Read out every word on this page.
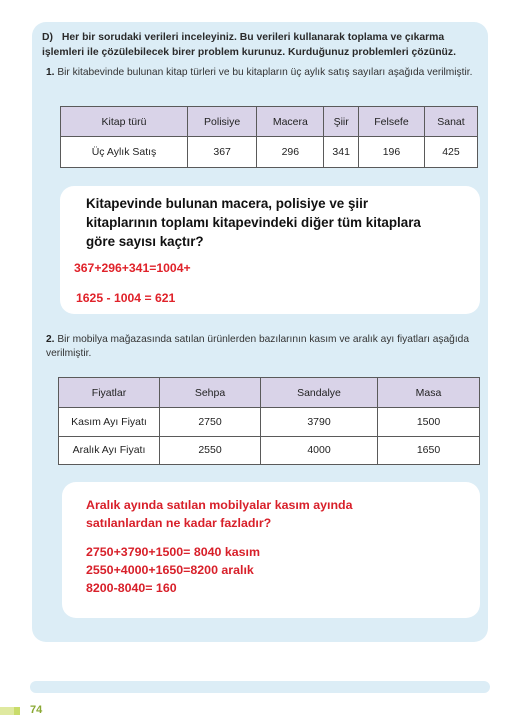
D) Her bir sorudaki verileri inceleyiniz. Bu verileri kullanarak toplama ve çıkarma işlemleri ile çözülebilecek birer problem kurunuz. Kurduğunuz problemleri çözünüz.
1. Bir kitabevinde bulunan kitap türleri ve bu kitapların üç aylık satış sayıları aşağıda verilmiştir.
Kitap türü	Polisiye	Macera	Şiir	Felsefe	Sanat
Üç Aylık Satış	367	296	341	196	425
Kitapevinde bulunan macera, polisiye ve şiir
kitaplarının toplamı kitapevindeki diğer tüm kitaplara
göre sayısı kaçtır?
367+296+341=1004+
1625 - 1004 = 621
2. Bir mobilya mağazasında satılan ürünlerden bazılarının kasım ve aralık ayı fiyatları aşağıda verilmiştir.
Fiyatlar	Sehpa	Sandalye	Masa
Kasım Ayı Fiyatı	2750	3790	1500
Aralık Ayı Fiyatı	2550	4000	1650
Aralık ayında satılan mobilyalar kasım ayında
satılanlardan ne kadar fazladır?
2750+3790+1500= 8040 kasım
2550+4000+1650=8200 aralık
8200-8040= 160
74
